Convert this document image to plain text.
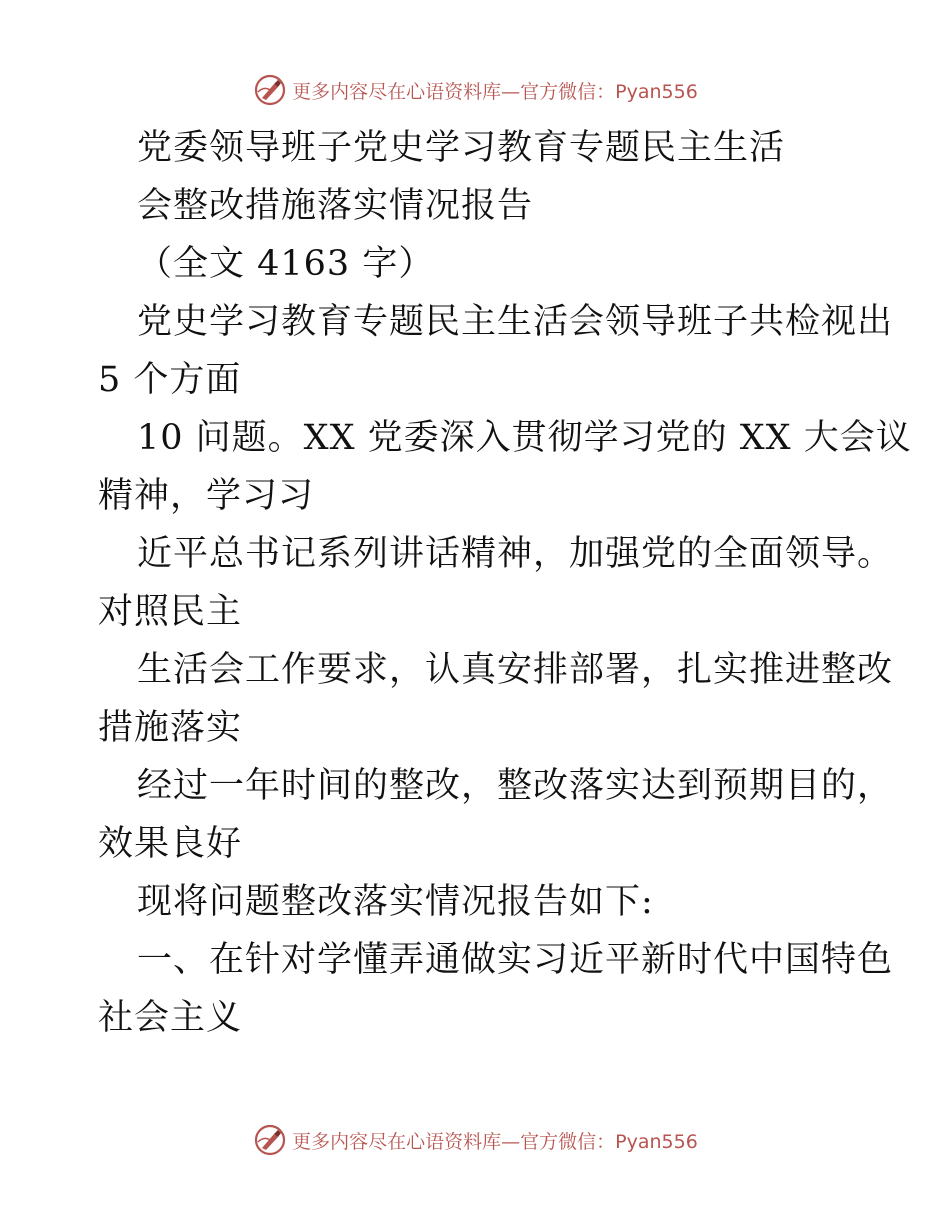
更多内容尽在心语资料库—官方微信：Pyan556
党委领导班子党史学习教育专题民主生活
会整改措施落实情况报告
（全文 4163 字）
党史学习教育专题民主生活会领导班子共检视出
5 个方面
10 问题。XX 党委深入贯彻学习党的 XX 大会议
精神，学习习
近平总书记系列讲话精神，加强党的全面领导。
对照民主
生活会工作要求，认真安排部署，扎实推进整改
措施落实
经过一年时间的整改，整改落实达到预期目的，
效果良好
现将问题整改落实情况报告如下:
一、在针对学懂弄通做实习近平新时代中国特色
社会主义
更多内容尽在心语资料库—官方微信：Pyan556
